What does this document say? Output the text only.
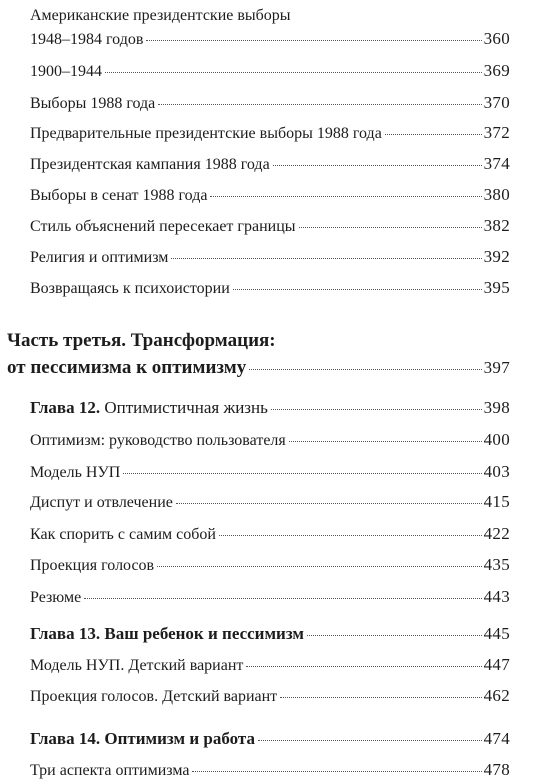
Американские президентские выборы
1948–1984 годов	360
1900–1944	369
Выборы 1988 года	370
Предварительные президентские выборы 1988 года	372
Президентская кампания 1988 года	374
Выборы в сенат 1988 года	380
Стиль объяснений пересекает границы	382
Религия и оптимизм	392
Возвращаясь к психоистории	395
Часть третья. Трансформация:
от пессимизма к оптимизму	397
Глава 12. Оптимистичная жизнь	398
Оптимизм: руководство пользователя	400
Модель НУП	403
Диспут и отвлечение	415
Как спорить с самим собой	422
Проекция голосов	435
Резюме	443
Глава 13. Ваш ребенок и пессимизм	445
Модель НУП. Детский вариант	447
Проекция голосов. Детский вариант	462
Глава 14. Оптимизм и работа	474
Три аспекта оптимизма	478
